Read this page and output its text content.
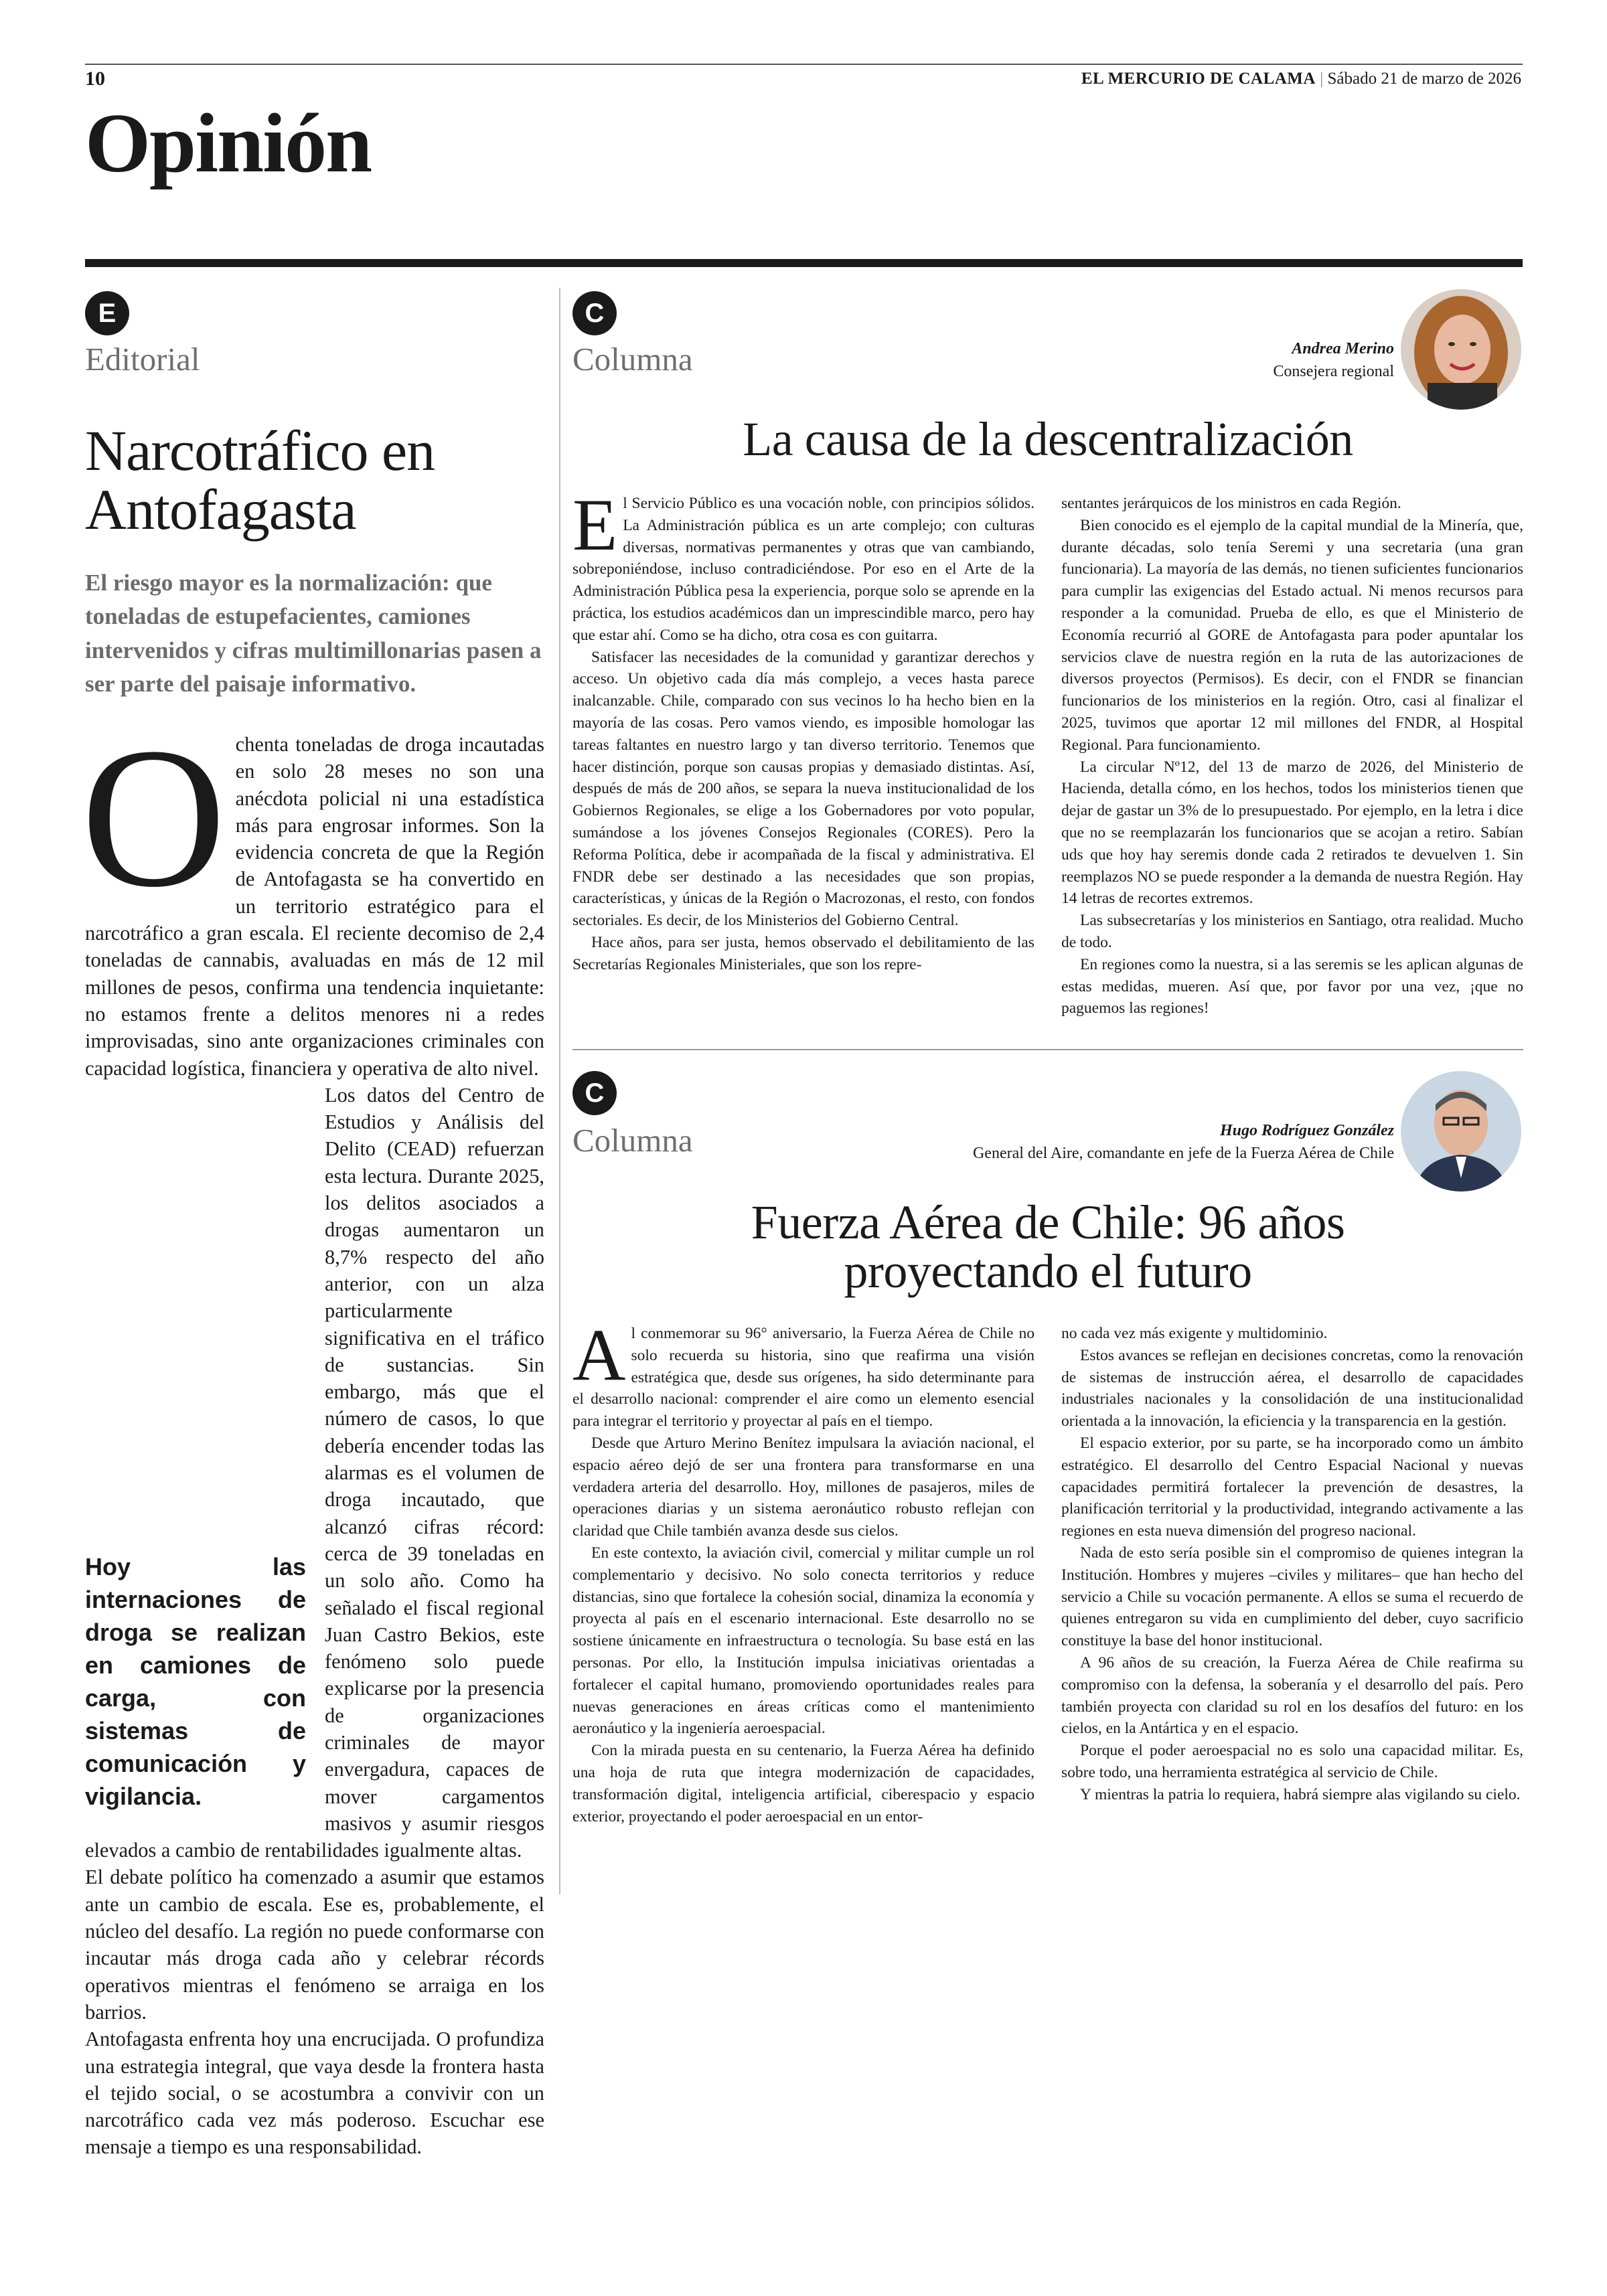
10	EL MERCURIO DE CALAMA | Sábado 21 de marzo de 2026
Opinión
E
Editorial
Narcotráfico en Antofagasta
El riesgo mayor es la normalización: que toneladas de estupefacientes, camiones intervenidos y cifras multimillonarias pasen a ser parte del paisaje informativo.
O chenta toneladas de droga incautadas en solo 28 meses no son una anécdota policial ni una estadística más para engrosar informes. Son la evidencia concreta de que la Región de Antofagasta se ha convertido en un territorio estratégico para el narcotráfico a gran escala. El reciente decomiso de 2,4 toneladas de cannabis, avaluadas en más de 12 mil millones de pesos, confirma una tendencia inquietante: no estamos frente a delitos menores ni a redes improvisadas, sino ante organizaciones criminales con capacidad logística, financiera y operativa de alto nivel.

Hoy las internaciones de droga se realizan en camiones de carga, con sistemas de comunicación y vigilancia.

Los datos del Centro de Estudios y Análisis del Delito (CEAD) refuerzan esta lectura. Durante 2025, los delitos asociados a drogas aumentaron un 8,7% respecto del año anterior, con un alza particularmente significativa en el tráfico de sustancias. Sin embargo, más que el número de casos, lo que debería encender todas las alarmas es el volumen de droga incautado, que alcanzó cifras récord: cerca de 39 toneladas en un solo año. Como ha señalado el fiscal regional Juan Castro Bekios, este fenómeno solo puede explicarse por la presencia de organizaciones criminales de mayor envergadura, capaces de mover cargamentos masivos y asumir riesgos elevados a cambio de rentabilidades igualmente altas.

El debate político ha comenzado a asumir que estamos ante un cambio de escala. Ese es, probablemente, el núcleo del desafío. La región no puede conformarse con incautar más droga cada año y celebrar récords operativos mientras el fenómeno se arraiga en los barrios.

Antofagasta enfrenta hoy una encrucijada. O profundiza una estrategia integral, que vaya desde la frontera hasta el tejido social, o se acostumbra a convivir con un narcotráfico cada vez más poderoso. Escuchar ese mensaje a tiempo es una responsabilidad.

C
Columna	Andrea Merino
Consejera regional
La causa de la descentralización
E l Servicio Público es una vocación noble, con principios sólidos. La Administración pública es un arte complejo; con culturas diversas, normativas permanentes y otras que van cambiando, sobreponiéndose, incluso contradiciéndose. Por eso en el Arte de la Administración Pública pesa la experiencia, porque solo se aprende en la práctica, los estudios académicos dan un imprescindible marco, pero hay que estar ahí. Como se ha dicho, otra cosa es con guitarra.

Satisfacer las necesidades de la comunidad y garantizar derechos y acceso. Un objetivo cada día más complejo, a veces hasta parece inalcanzable. Chile, comparado con sus vecinos lo ha hecho bien en la mayoría de las cosas. Pero vamos viendo, es imposible homologar las tareas faltantes en nuestro largo y tan diverso territorio. Tenemos que hacer distinción, porque son causas propias y demasiado distintas. Así, después de más de 200 años, se separa la nueva institucionalidad de los Gobiernos Regionales, se elige a los Gobernadores por voto popular, sumándose a los jóvenes Consejos Regionales (CORES). Pero la Reforma Política, debe ir acompañada de la fiscal y administrativa. El FNDR debe ser destinado a las necesidades que son propias, características, y únicas de la Región o Macrozonas, el resto, con fondos sectoriales. Es decir, de los Ministerios del Gobierno Central.

Hace años, para ser justa, hemos observado el debilitamiento de las Secretarías Regionales Ministeriales, que son los repre-

sentantes jerárquicos de los ministros en cada Región.

Bien conocido es el ejemplo de la capital mundial de la Minería, que, durante décadas, solo tenía Seremi y una secretaria (una gran funcionaria). La mayoría de las demás, no tienen suficientes funcionarios para cumplir las exigencias del Estado actual. Ni menos recursos para responder a la comunidad. Prueba de ello, es que el Ministerio de Economía recurrió al GORE de Antofagasta para poder apuntalar los servicios clave de nuestra región en la ruta de las autorizaciones de diversos proyectos (Permisos). Es decir, con el FNDR se financian funcionarios de los ministerios en la región. Otro, casi al finalizar el 2025, tuvimos que aportar 12 mil millones del FNDR, al Hospital Regional. Para funcionamiento.

La circular Nº12, del 13 de marzo de 2026, del Ministerio de Hacienda, detalla cómo, en los hechos, todos los ministerios tienen que dejar de gastar un 3% de lo presupuestado. Por ejemplo, en la letra i dice que no se reemplazarán los funcionarios que se acojan a retiro. Sabían uds que hoy hay seremis donde cada 2 retirados te devuelven 1. Sin reemplazos NO se puede responder a la demanda de nuestra Región. Hay 14 letras de recortes extremos.

Las subsecretarías y los ministerios en Santiago, otra realidad. Mucho de todo.

En regiones como la nuestra, si a las seremis se les aplican algunas de estas medidas, mueren. Así que, por favor por una vez, ¡que no paguemos las regiones!

C
Columna	Hugo Rodríguez González
General del Aire, comandante en jefe de la Fuerza Aérea de Chile
Fuerza Aérea de Chile: 96 años
proyectando el futuro
A l conmemorar su 96° aniversario, la Fuerza Aérea de Chile no solo recuerda su historia, sino que reafirma una visión estratégica que, desde sus orígenes, ha sido determinante para el desarrollo nacional: comprender el aire como un elemento esencial para integrar el territorio y proyectar al país en el tiempo.

Desde que Arturo Merino Benítez impulsara la aviación nacional, el espacio aéreo dejó de ser una frontera para transformarse en una verdadera arteria del desarrollo. Hoy, millones de pasajeros, miles de operaciones diarias y un sistema aeronáutico robusto reflejan con claridad que Chile también avanza desde sus cielos.

En este contexto, la aviación civil, comercial y militar cumple un rol complementario y decisivo. No solo conecta territorios y reduce distancias, sino que fortalece la cohesión social, dinamiza la economía y proyecta al país en el escenario internacional. Este desarrollo no se sostiene únicamente en infraestructura o tecnología. Su base está en las personas. Por ello, la Institución impulsa iniciativas orientadas a fortalecer el capital humano, promoviendo oportunidades reales para nuevas generaciones en áreas críticas como el mantenimiento aeronáutico y la ingeniería aeroespacial.

Con la mirada puesta en su centenario, la Fuerza Aérea ha definido una hoja de ruta que integra modernización de capacidades, transformación digital, inteligencia artificial, ciberespacio y espacio exterior, proyectando el poder aeroespacial en un entor-

no cada vez más exigente y multidominio.

Estos avances se reflejan en decisiones concretas, como la renovación de sistemas de instrucción aérea, el desarrollo de capacidades industriales nacionales y la consolidación de una institucionalidad orientada a la innovación, la eficiencia y la transparencia en la gestión.

El espacio exterior, por su parte, se ha incorporado como un ámbito estratégico. El desarrollo del Centro Espacial Nacional y nuevas capacidades permitirá fortalecer la prevención de desastres, la planificación territorial y la productividad, integrando activamente a las regiones en esta nueva dimensión del progreso nacional.

Nada de esto sería posible sin el compromiso de quienes integran la Institución. Hombres y mujeres –civiles y militares– que han hecho del servicio a Chile su vocación permanente. A ellos se suma el recuerdo de quienes entregaron su vida en cumplimiento del deber, cuyo sacrificio constituye la base del honor institucional.

A 96 años de su creación, la Fuerza Aérea de Chile reafirma su compromiso con la defensa, la soberanía y el desarrollo del país. Pero también proyecta con claridad su rol en los desafíos del futuro: en los cielos, en la Antártica y en el espacio.

Porque el poder aeroespacial no es solo una capacidad militar. Es, sobre todo, una herramienta estratégica al servicio de Chile.

Y mientras la patria lo requiera, habrá siempre alas vigilando su cielo.
